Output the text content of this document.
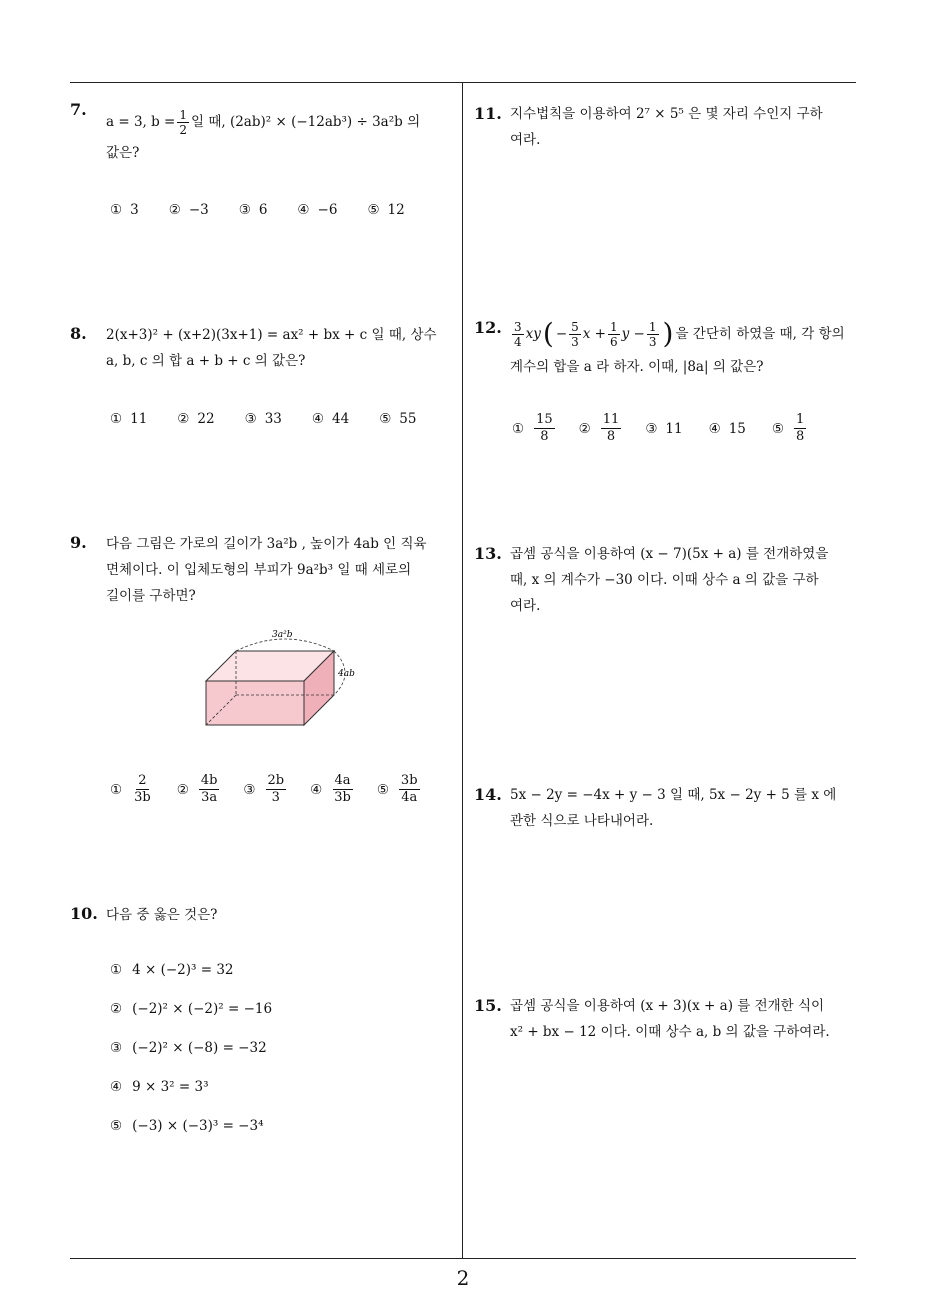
2
7.
a = 3, $b = \frac{1}{2}$ 일 때, (2ab)² × (−12ab³) ÷ 3a²b 의
값은?
① 3 ② −3 ③ 6 ④ −6 ⑤ 12
8. 2(x+3)² + (x+2)(3x+1) = ax² + bx + c 일 때, 상수
a, b, c 의 합 a + b + c 의 값은?
① 11 ② 22 ③ 33 ④ 44 ⑤ 55
9. 다음 그림은 가로의 길이가 3a²b , 높이가 4ab 인 직육
면체이다. 이 입체도형의 부피가 9a²b³ 일 때 세로의
길이를 구하면?
3a²b
4ab
① $\frac{2}{3b}$ ② $\frac{4b}{3a}$ ③ $\frac{2b}{3}$ ④ $\frac{4a}{3b}$ ⑤ $\frac{3b}{4a}$
10. 다음 중 옳은 것은?
① 4 × (−2)³ = 32
② (−2)² × (−2)² = −16
③ (−2)² × (−8) = −32
④ 9 × 3² = 3³
⑤ (−3) × (−3)³ = −3⁴
11. 지수법칙을 이용하여 2⁷ × 5⁵ 은 몇 자리 수인지 구하
여라.
12. $\frac{3}{4}$ xy ( − $\frac{5}{3}$ $x + \frac{1}{6}$ $y - \frac{1}{3}$ ) 을 간단히 하였을 때, 각 항의
계수의 합을 a 라 하자. 이때, |8a| 의 값은?
① $\frac{15}{8}$ ② $\frac{11}{8}$ ③ 11 ④ 15 ⑤ $\frac{1}{8}$
13. 곱셈 공식을 이용하여 (x − 7)(5x + a) 를 전개하였을
때, x 의 계수가 −30 이다. 이때 상수 a 의 값을 구하
여라.
14. 5x − 2y = −4x + y − 3 일 때, 5x − 2y + 5 를 x 에
관한 식으로 나타내어라.
15. 곱셈 공식을 이용하여 (x + 3)(x + a) 를 전개한 식이
x² + bx − 12 이다. 이때 상수 a, b 의 값을 구하여라.
